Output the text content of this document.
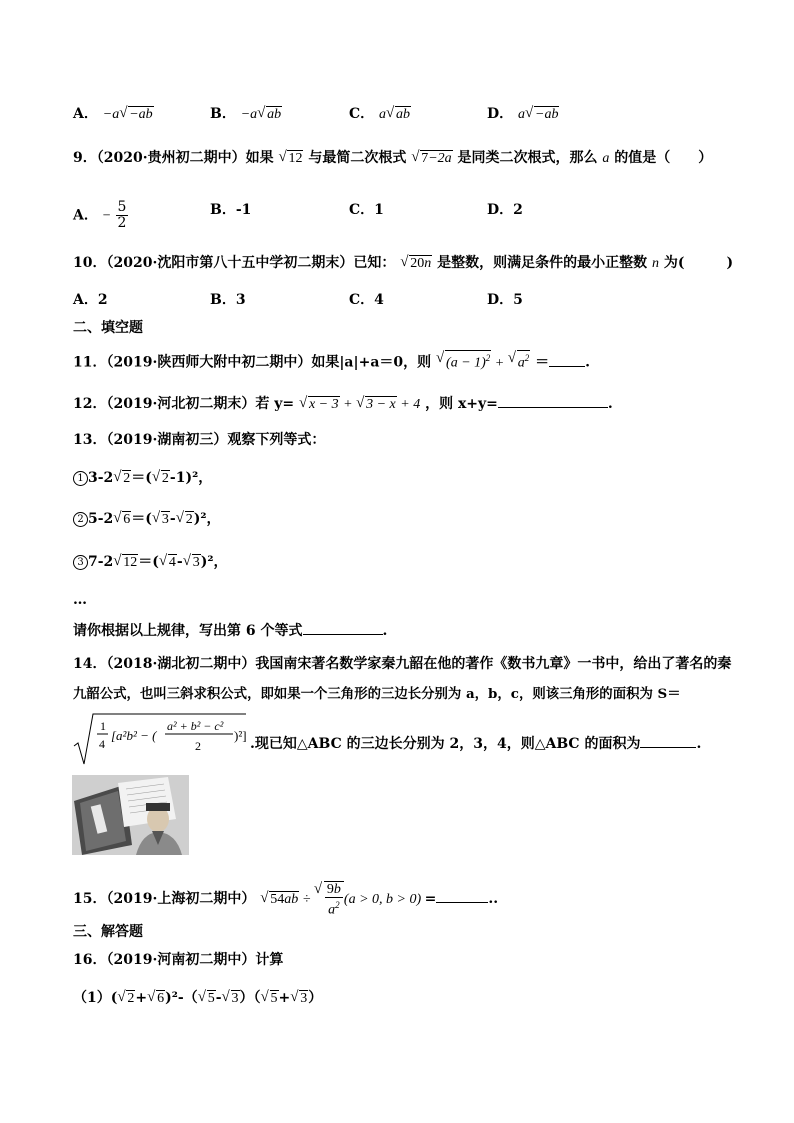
A． −a √ −ab	B． −a √ ab	C． a √ ab	D． a √ −ab
9．（2020·贵州初二期中）如果 √ 12 与最简二次根式 √ 7−2a 是同类二次根式，那么 a 的值是（　　）
A． − $\frac{5}{2}$	B．-1	C．1	D．2
10．（2020·沈阳市第八十五中学初二期末）已知： √ 20n 是整数，则满足条件的最小正整数 n 为(　　　)
A．2	B．3	C．4	D．5
二、填空题
11．（2019·陕西师大附中初二期中）如果|a|+a＝0，则 √ $(a - 1)^2$ + √ $a^2$ ＝	.
12．（2019·河北初二期末）若 y= √ x − 3 + √ 3 − x + 4 ，则 x+y=	.
13．（2019·湖南初三）观察下列等式：
1 3-2 √ 2＝( √ 2-1)²，
2 5-2 √ 6＝( √ 3- √ 2)²，
3 7-2 √ 12＝( √ 4- √ 3)²，
…
请你根据以上规律，写出第 6 个等式	.
14．（2018·湖北初二期中）我国南宋著名数学家秦九韶在他的著作《数书九章》一书中，给出了著名的秦
九韶公式，也叫三斜求积公式，即如果一个三角形的三边长分别为 a，b，c，则该三角形的面积为 S＝
1
4
[a²b² − (
a² + b² − c²
2
)²]
.现已知△ABC 的三边长分别为 2，3，4，则△ABC 的面积为	.
15．（2019·上海初二期中） √ 54ab ÷ √ $\frac{9b}{a^2} (a > 0$, b > 0) =	..
三、解答题
16．（2019·河南初二期中）计算
（1）( √ 2+ √ 6)²-（ √ 5- √ 3）（ √ 5+ √ 3）
